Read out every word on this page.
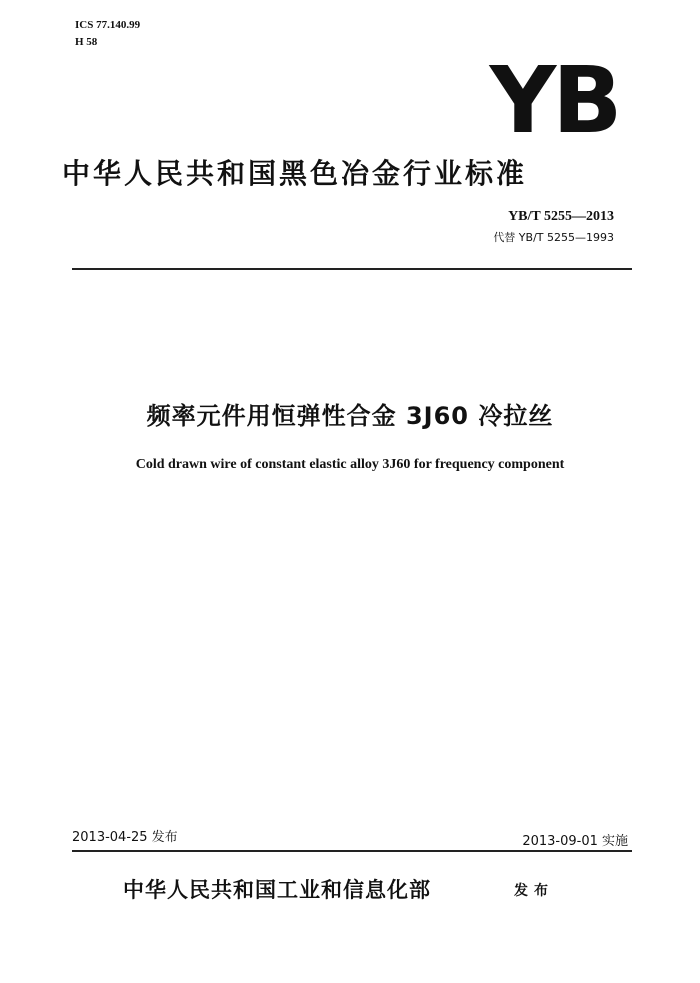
ICS 77.140.99
H 58
YB
中华人民共和国黑色冶金行业标准
YB/T 5255—2013
代替 YB/T 5255—1993
频率元件用恒弹性合金 3J60 冷拉丝
Cold drawn wire of constant elastic alloy 3J60 for frequency component
2013-04-25 发布	2013-09-01 实施
中华人民共和国工业和信息化部	发布
